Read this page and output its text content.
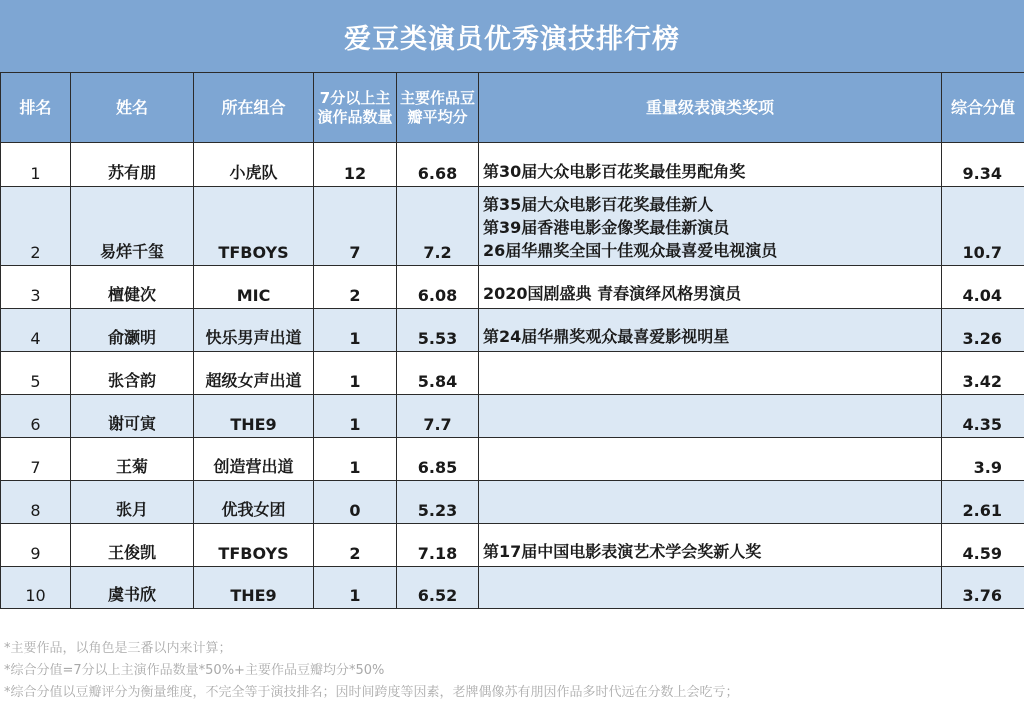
爱豆类演员优秀演技排行榜
排名	姓名	所在组合	7分以上主演作品数量	主要作品豆瓣平均分	重量级表演类奖项	综合分值
1	苏有朋	小虎队	12	6.68	第30届大众电影百花奖最佳男配角奖	9.34
2	易烊千玺	TFBOYS	7	7.2	第35届大众电影百花奖最佳新人
第39届香港电影金像奖最佳新演员
26届华鼎奖全国十佳观众最喜爱电视演员	10.7
3	檀健次	MIC	2	6.08	2020国剧盛典 青春演绎风格男演员	4.04
4	俞灏明	快乐男声出道	1	5.53	第24届华鼎奖观众最喜爱影视明星	3.26
5	张含韵	超级女声出道	1	5.84		3.42
6	谢可寅	THE9	1	7.7		4.35
7	王菊	创造营出道	1	6.85		3.9
8	张月	优我女团	0	5.23		2.61
9	王俊凯	TFBOYS	2	7.18	第17届中国电影表演艺术学会奖新人奖	4.59
10	虞书欣	THE9	1	6.52		3.76
*主要作品，以角色是三番以内来计算；
*综合分值=7分以上主演作品数量*50%+主要作品豆瓣均分*50%
*综合分值以豆瓣评分为衡量维度，不完全等于演技排名；因时间跨度等因素，老牌偶像苏有朋因作品多时代远在分数上会吃亏；
